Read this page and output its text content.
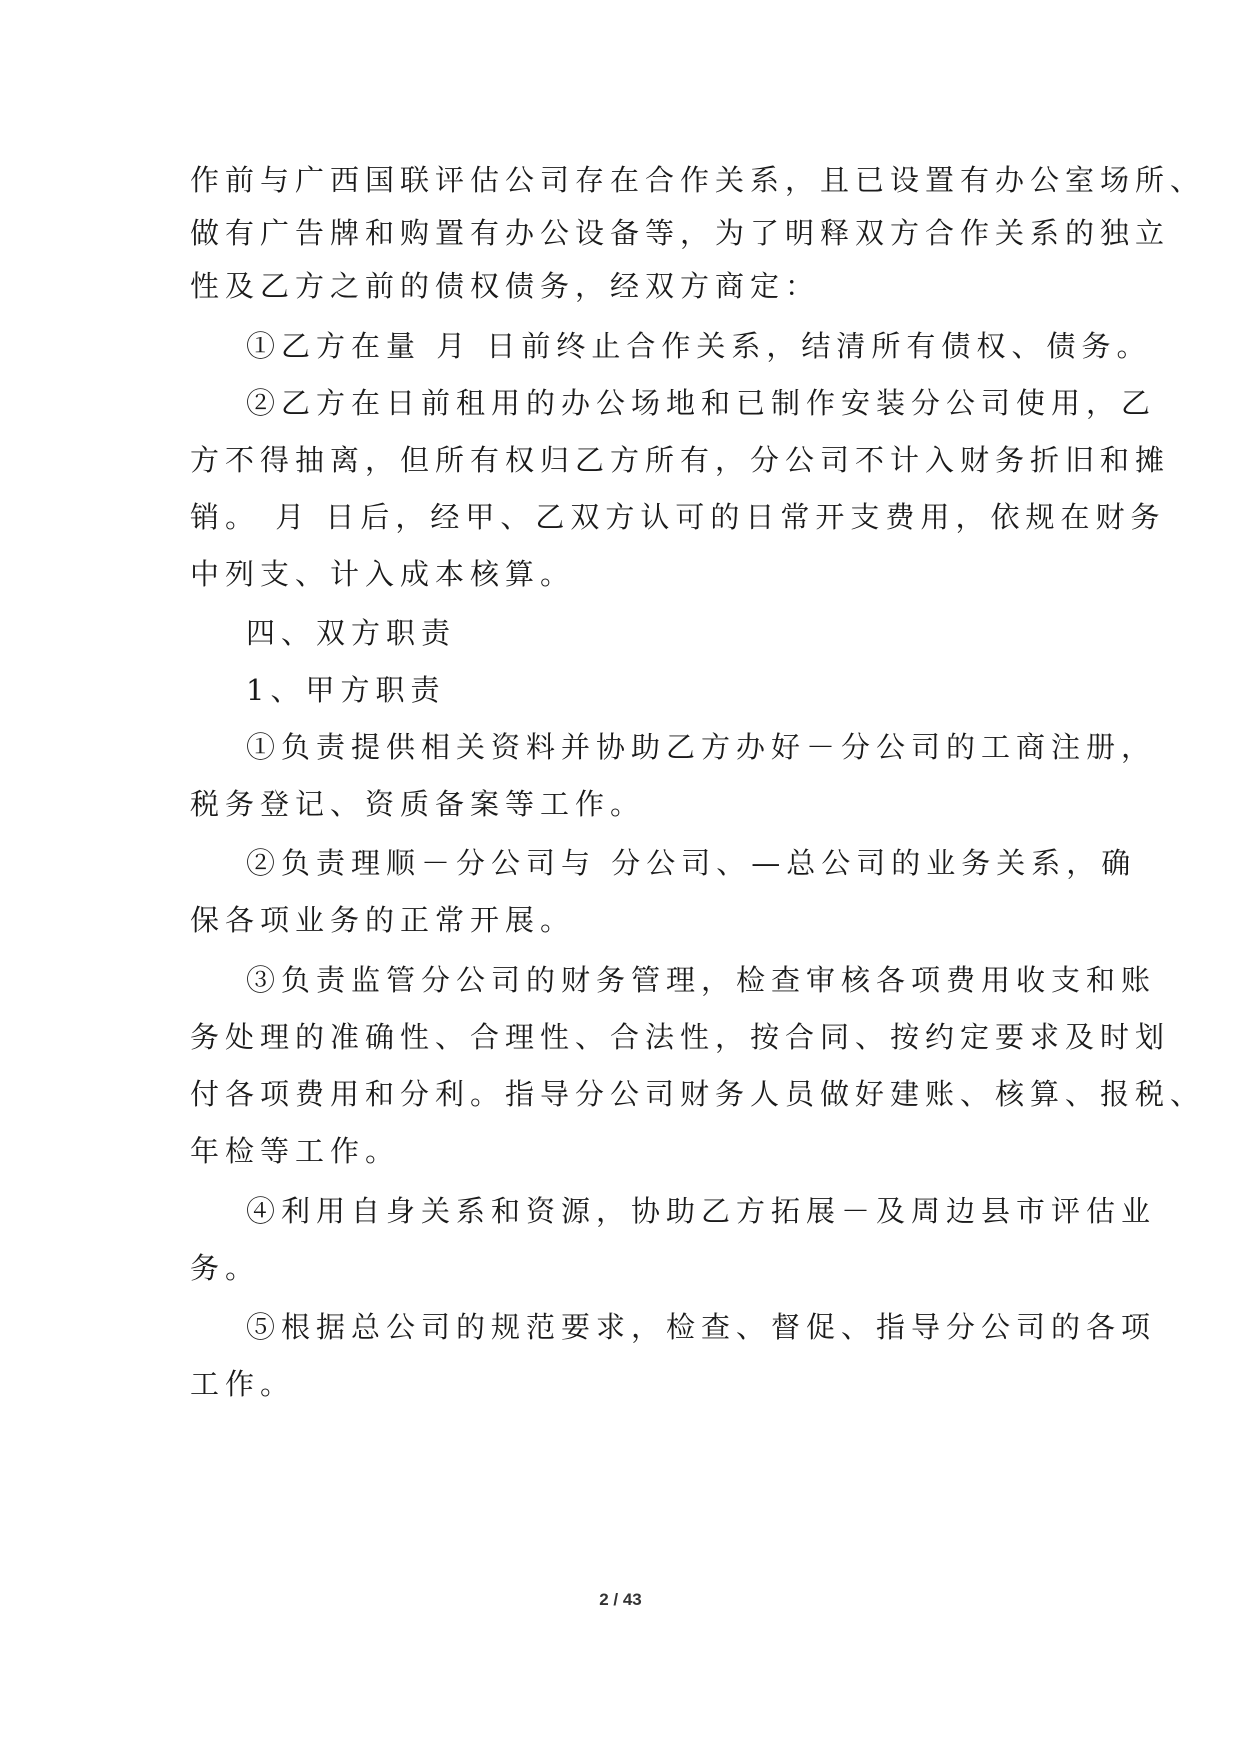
作前与广西国联评估公司存在合作关系，且已设置有办公室场所、
做有广告牌和购置有办公设备等，为了明释双方合作关系的独立
性及乙方之前的债权债务，经双方商定：
①乙方在量 月 日前终止合作关系，结清所有债权、债务。
②乙方在日前租用的办公场地和已制作安装分公司使用，乙
方不得抽离，但所有权归乙方所有，分公司不计入财务折旧和摊
销。 月 日后，经甲、乙双方认可的日常开支费用，依规在财务
中列支、计入成本核算。
四、双方职责
1、甲方职责
①负责提供相关资料并协助乙方办好－分公司的工商注册，
税务登记、资质备案等工作。
②负责理顺－分公司与 分公司、—总公司的业务关系，确
保各项业务的正常开展。
③负责监管分公司的财务管理，检查审核各项费用收支和账
务处理的准确性、合理性、合法性，按合同、按约定要求及时划
付各项费用和分利。指导分公司财务人员做好建账、核算、报税、
年检等工作。
④利用自身关系和资源，协助乙方拓展－及周边县市评估业
务。
⑤根据总公司的规范要求，检查、督促、指导分公司的各项
工作。
2 / 43
